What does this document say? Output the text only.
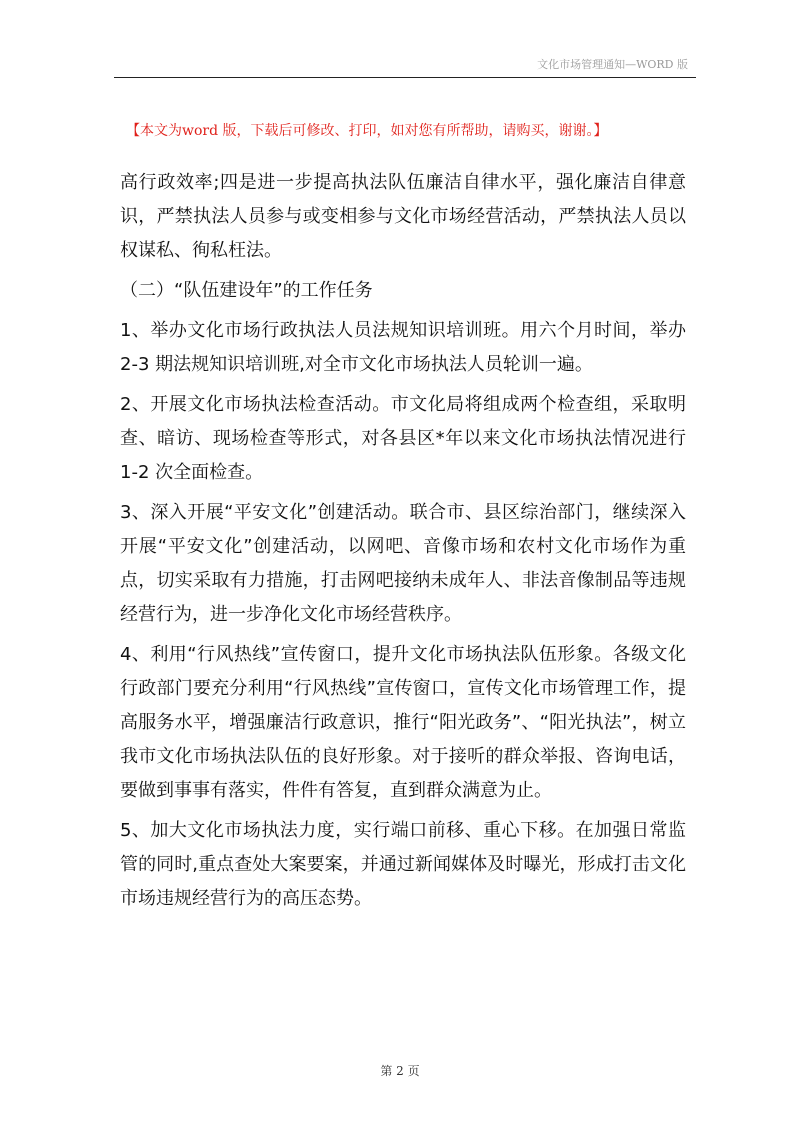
文化市场管理通知—WORD 版
【本文为word 版，下载后可修改、打印，如对您有所帮助，请购买，谢谢。】

高行政效率;四是进一步提高执法队伍廉洁自律水平，强化廉洁自律意识，严禁执法人员参与或变相参与文化市场经营活动，严禁执法人员以权谋私、徇私枉法。

（二）“队伍建设年”的工作任务

1、举办文化市场行政执法人员法规知识培训班。用六个月时间，举办 2-3 期法规知识培训班,对全市文化市场执法人员轮训一遍。

2、开展文化市场执法检查活动。市文化局将组成两个检查组，采取明查、暗访、现场检查等形式，对各县区*年以来文化市场执法情况进行 1-2 次全面检查。

3、深入开展“平安文化”创建活动。联合市、县区综治部门，继续深入开展“平安文化”创建活动，以网吧、音像市场和农村文化市场作为重点，切实采取有力措施，打击网吧接纳未成年人、非法音像制品等违规经营行为，进一步净化文化市场经营秩序。

4、利用“行风热线”宣传窗口，提升文化市场执法队伍形象。各级文化行政部门要充分利用“行风热线”宣传窗口，宣传文化市场管理工作，提高服务水平，增强廉洁行政意识，推行“阳光政务”、“阳光执法”，树立我市文化市场执法队伍的良好形象。对于接听的群众举报、咨询电话，要做到事事有落实，件件有答复，直到群众满意为止。

5、加大文化市场执法力度，实行端口前移、重心下移。在加强日常监管的同时,重点查处大案要案，并通过新闻媒体及时曝光，形成打击文化市场违规经营行为的高压态势。

第 2 页
